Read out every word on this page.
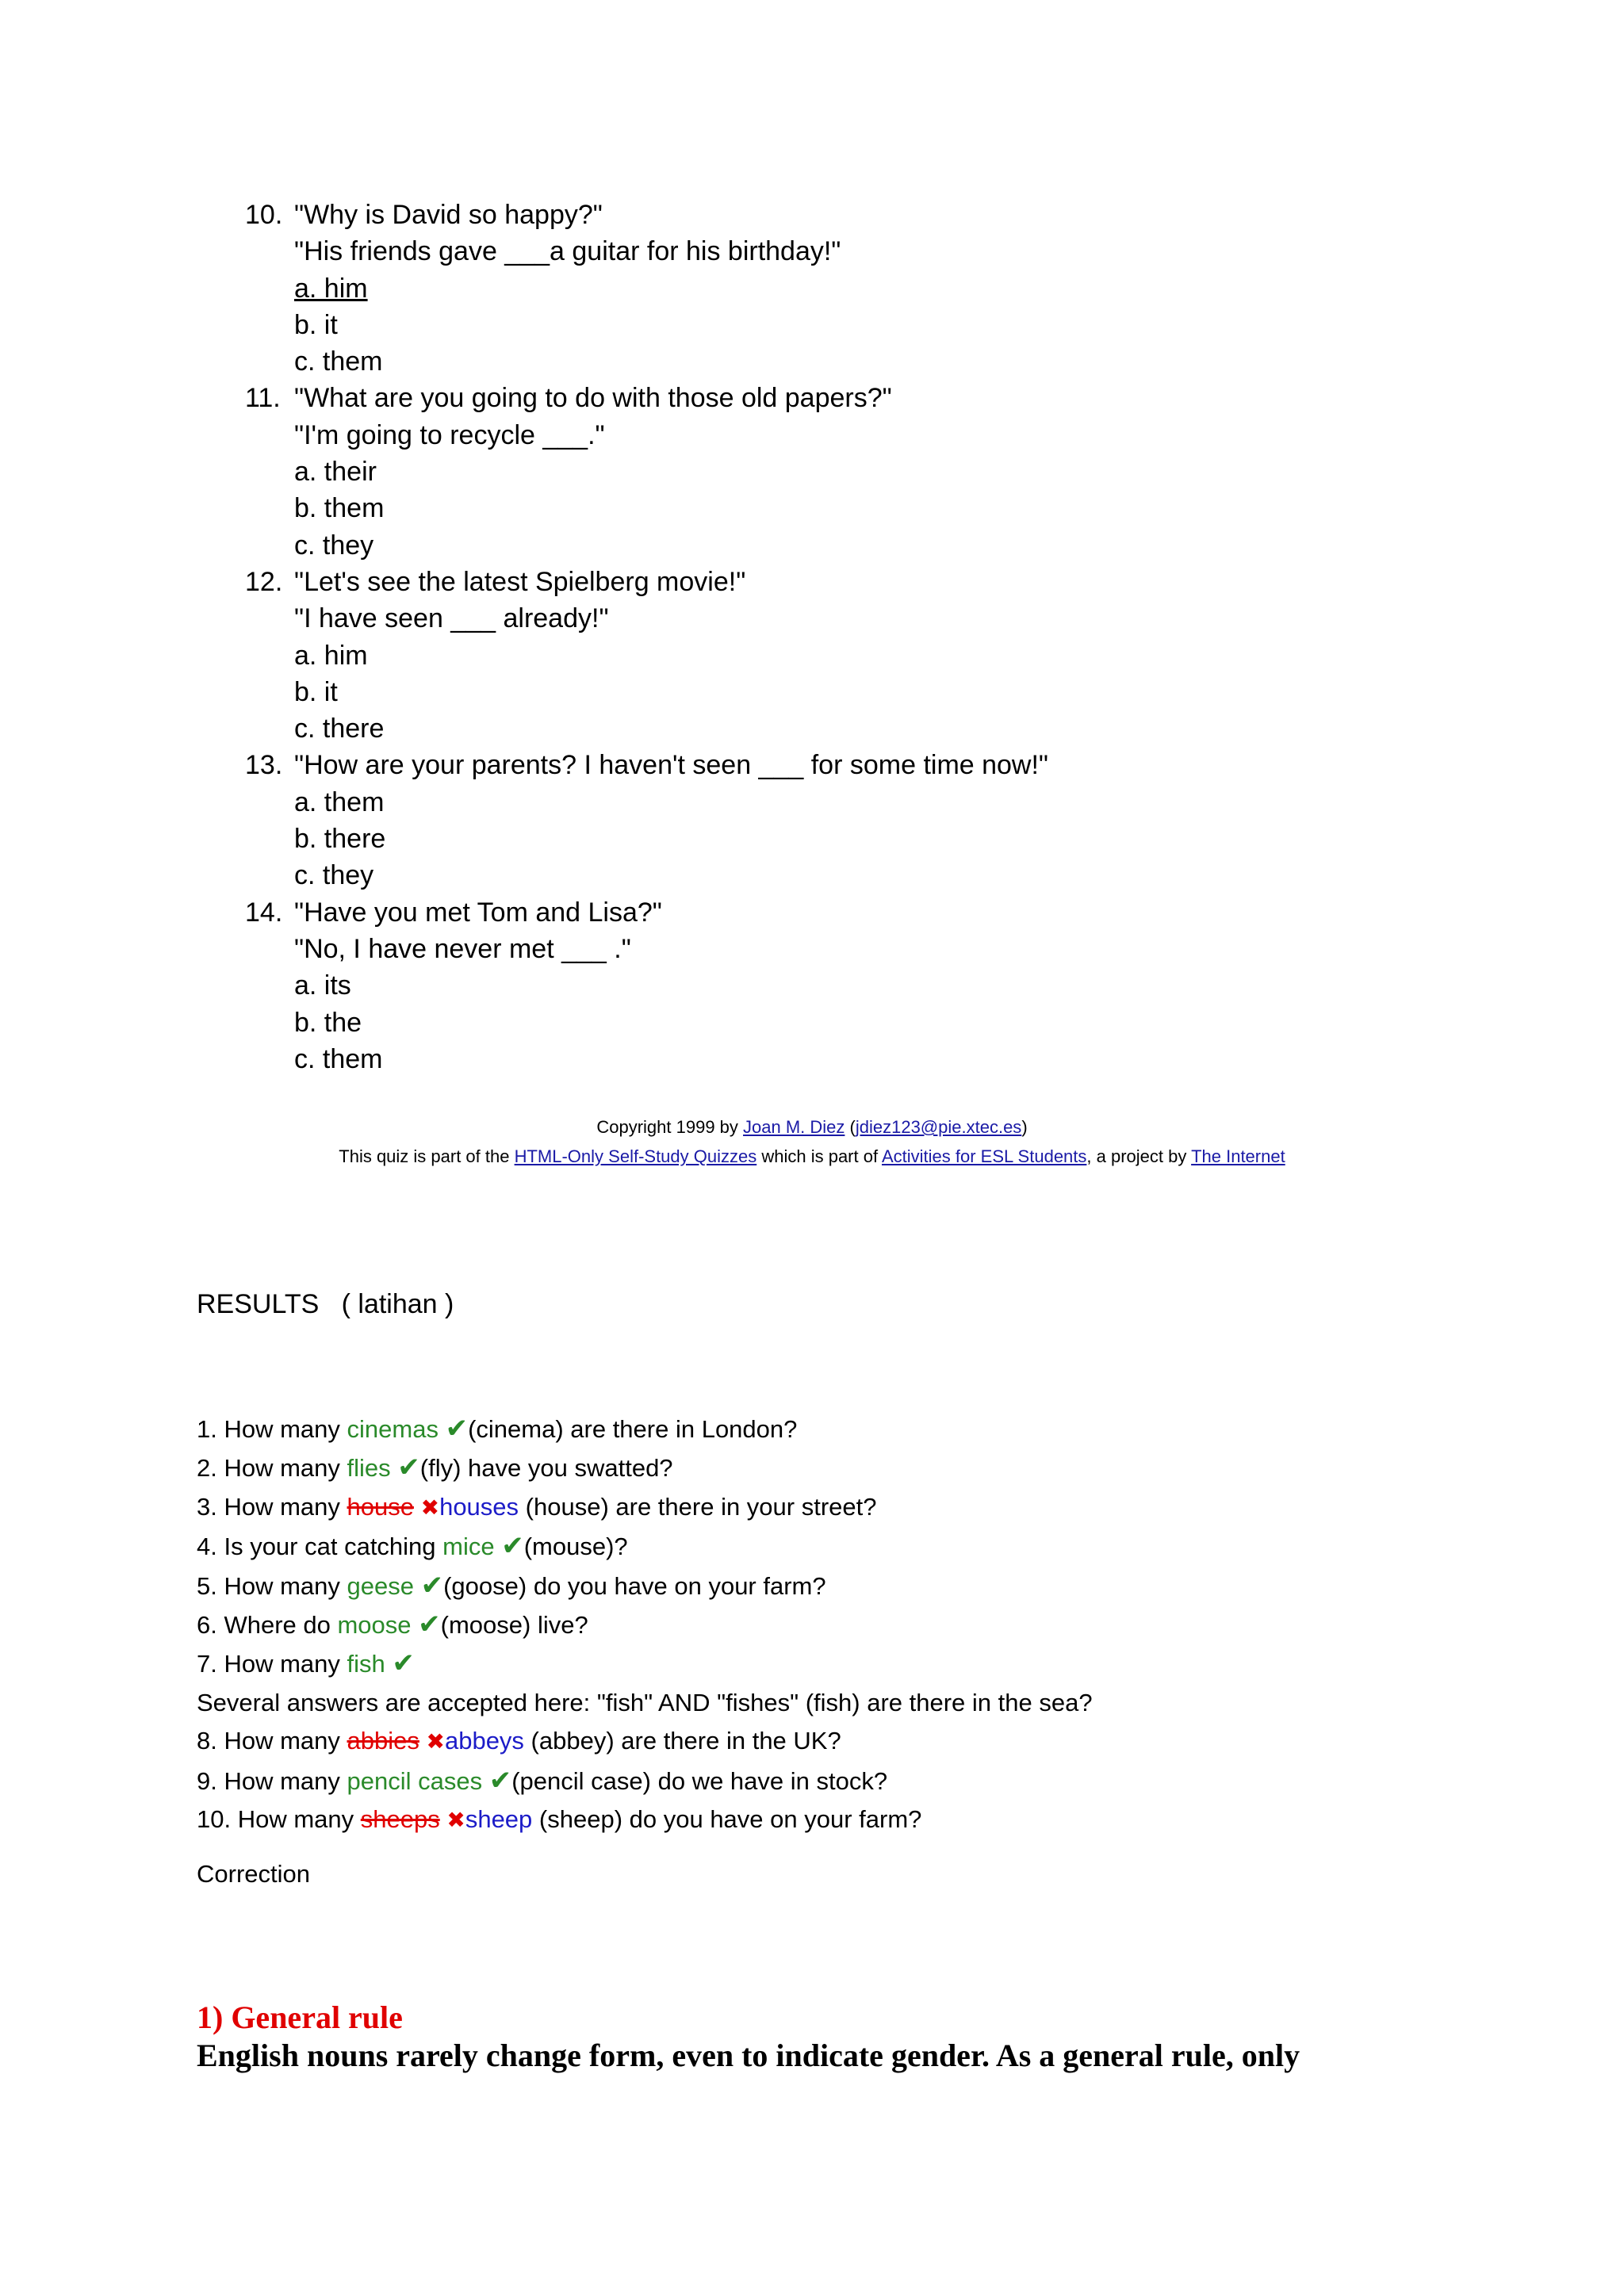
10. "Why is David so happy?"
"His friends gave ___a guitar for his birthday!"
a. him
b. it
c. them
11. "What are you going to do with those old papers?"
"I'm going to recycle ___."
a. their
b. them
c. they
12. "Let's see the latest Spielberg movie!"
"I have seen ___ already!"
a. him
b. it
c. there
13. "How are your parents? I haven't seen ___ for some time now!"
a. them
b. there
c. they
14. "Have you met Tom and Lisa?"
"No, I have never met ___ ."
a. its
b. the
c. them
Copyright 1999 by Joan M. Diez (jdiez123@pie.xtec.es)
This quiz is part of the HTML-Only Self-Study Quizzes which is part of Activities for ESL Students, a project by The Internet
RESULTS   ( latihan )
1. How many cinemas ✔(cinema) are there in London?
2. How many flies ✔(fly) have you swatted?
3. How many house ✖houses (house) are there in your street?
4. Is your cat catching mice ✔(mouse)?
5. How many geese ✔(goose) do you have on your farm?
6. Where do moose ✔(moose) live?
7. How many fish ✔
Several answers are accepted here: "fish" AND "fishes" (fish) are there in the sea?
8. How many abbies ✖abbeys (abbey) are there in the UK?
9. How many pencil cases ✔(pencil case) do we have in stock?
10. How many sheeps ✖sheep (sheep) do you have on your farm?
Correction
1) General rule
English nouns rarely change form, even to indicate gender. As a general rule, only
